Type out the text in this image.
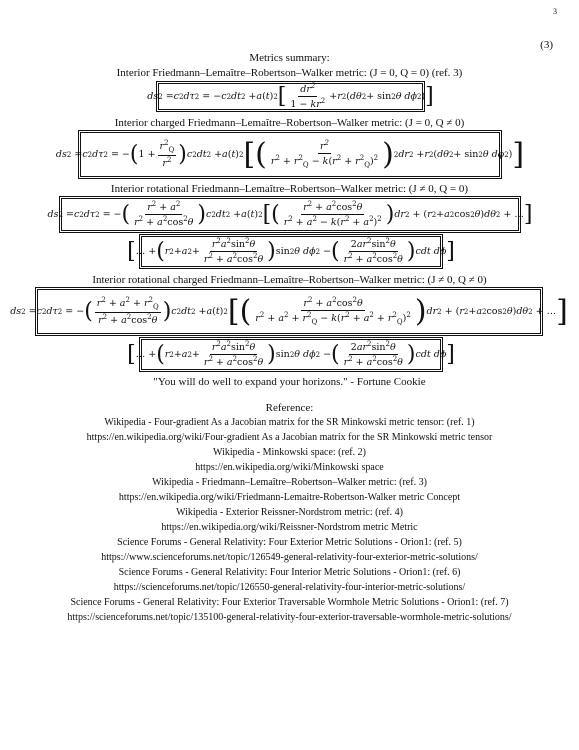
3
(3)
Metrics summary:
Interior Friedmann–Lemaître–Robertson–Walker metric: (J = 0, Q = 0) (ref. 3)
ds 2 = c 2 dτ 2 = − c 2 dt 2 + a ( t ) 2 [ $\frac{dr^2}{1 - kr^2} + r$ 2 ( dθ 2 + sin 2 θ dϕ 2 ) ]
Interior charged Friedmann–Lemaître–Robertson–Walker metric: (J = 0, Q ≠ 0)
ds 2 = c 2 dτ 2 = − ( $1 + \frac{r^2_Q}{r^2}$ ) c 2 dt 2 + a ( t ) 2 [ ( $\frac{r^2}{r^2 + r^2_Q - k(r^2 + r^2_Q)^2}$ ) 2 dr 2 + r 2 ( dθ 2 + sin 2 θ dϕ 2 ) ]
Interior rotational Friedmann–Lemaître–Robertson–Walker metric: (J ≠ 0, Q = 0)
ds 2 = c 2 dτ 2 = − ( $\frac{r^2 + a^2}{r^2 + a^2\cos^2\theta}$ ) c 2 dt 2 + a ( t ) 2 [ ( $\frac{r^2 + a^2\cos^2\theta}{r^2 + a^2 - k(r^2 + a^2)^2}$ ) dr 2 + ( r 2 + a 2 cos 2 θ ) dθ 2 + … ]
[ … + ( r 2 + a $2 + \frac{r^2a^2\sin^2\theta}{r^2 + a^2\cos^2\theta}$ ) sin 2 θ dϕ 2 − ( $\frac{2ar^2\sin^2\theta}{r^2 + a^2\cos^2\theta}$ ) cdt dϕ ]
Interior rotational charged Friedmann–Lemaître–Robertson–Walker metric: (J ≠ 0, Q ≠ 0)
ds 2 = c 2 dτ 2 = − ( $\frac{r^2 + a^2 + r^2_Q}{r^2 + a^2\cos^2\theta}$ ) c 2 dt 2 + a ( t ) 2 [ ( $\frac{r^2 + a^2\cos^2\theta}{r^2 + a^2 + r^2_Q - k(r^2 + a^2 + r^2_Q)^2}$ ) dr 2 + ( r 2 + a 2 cos 2 θ ) dθ 2 + … ]
[ … + ( r 2 + a $2 + \frac{r^2a^2\sin^2\theta}{r^2 + a^2\cos^2\theta}$ ) sin 2 θ dϕ 2 − ( $\frac{2ar^2\sin^2\theta}{r^2 + a^2\cos^2\theta}$ ) cdt dϕ ]
"You will do well to expand your horizons." - Fortune Cookie
Reference:
Wikipedia - Four-gradient As a Jacobian matrix for the SR Minkowski metric tensor: (ref. 1)
https://en.wikipedia.org/wiki/Four-gradient As a Jacobian matrix for the SR Minkowski metric tensor
Wikipedia - Minkowski space: (ref. 2)
https://en.wikipedia.org/wiki/Minkowski space
Wikipedia - Friedmann–Lemaître–Robertson–Walker metric: (ref. 3)
https://en.wikipedia.org/wiki/Friedmann-Lemaitre-Robertson-Walker metric Concept
Wikipedia - Exterior Reissner-Nordstrom metric: (ref. 4)
https://en.wikipedia.org/wiki/Reissner-Nordstrom metric Metric
Science Forums - General Relativity: Four Exterior Metric Solutions - Orion1: (ref. 5)
https://www.scienceforums.net/topic/126549-general-relativity-four-exterior-metric-solutions/
Science Forums - General Relativity: Four Interior Metric Solutions - Orion1: (ref. 6)
https://scienceforums.net/topic/126550-general-relativity-four-interior-metric-solutions/
Science Forums - General Relativity: Four Exterior Traversable Wormhole Metric Solutions - Orion1: (ref. 7)
https://scienceforums.net/topic/135100-general-relativity-four-exterior-traversable-wormhole-metric-solutions/
